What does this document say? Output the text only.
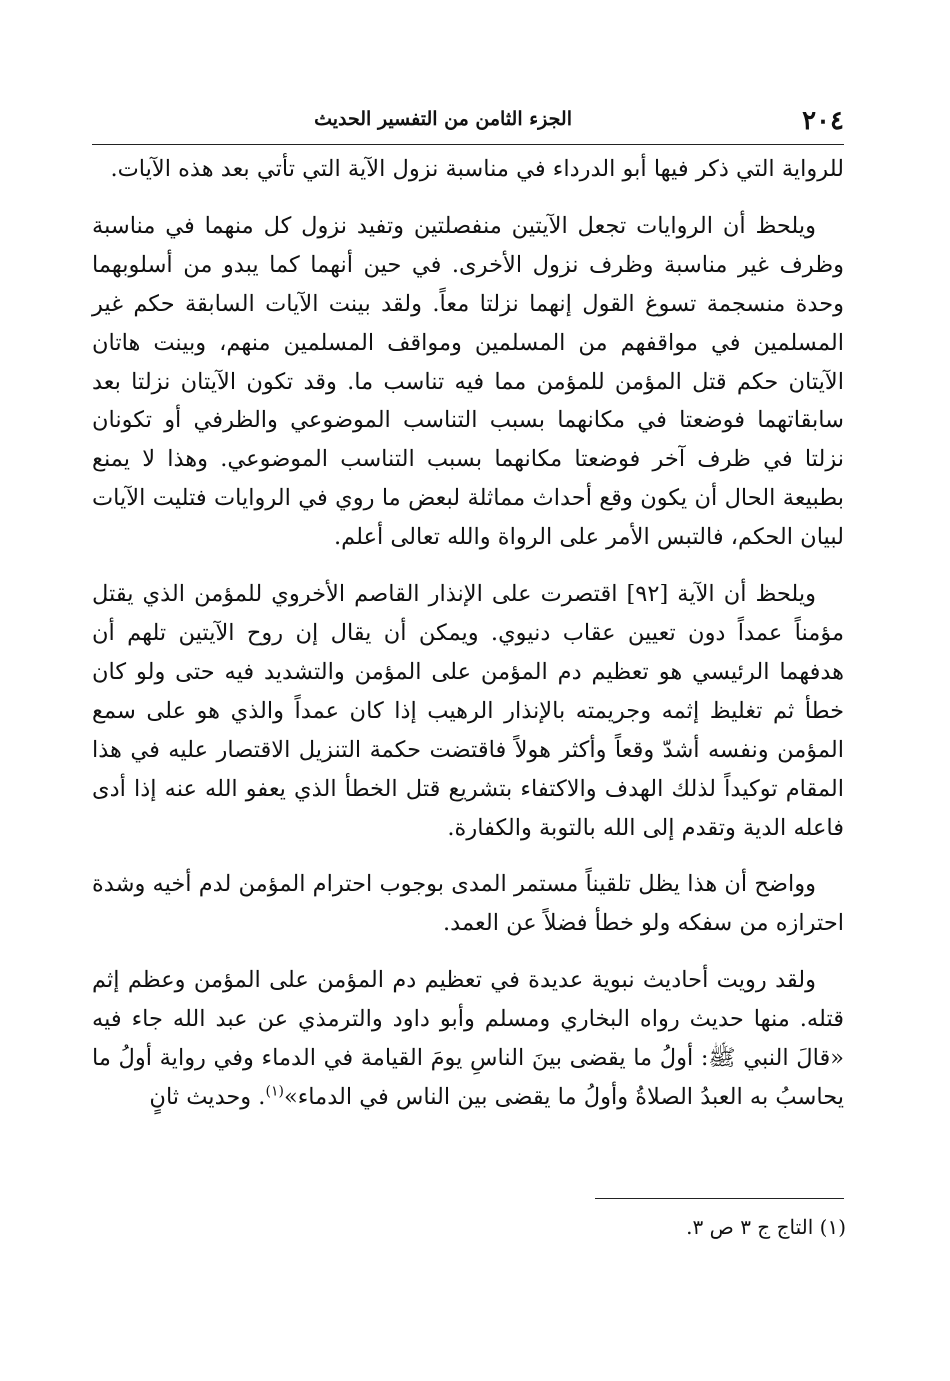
٢٠٤
الجزء الثامن من التفسير الحديث

للرواية التي ذكر فيها أبو الدرداء في مناسبة نزول الآية التي تأتي بعد هذه الآيات.

ويلحظ أن الروايات تجعل الآيتين منفصلتين وتفيد نزول كل منهما في مناسبة وظرف غير مناسبة وظرف نزول الأخرى. في حين أنهما كما يبدو من أسلوبهما وحدة منسجمة تسوغ القول إنهما نزلتا معاً. ولقد بينت الآيات السابقة حكم غير المسلمين في مواقفهم من المسلمين ومواقف المسلمين منهم، وبينت هاتان الآيتان حكم قتل المؤمن للمؤمن مما فيه تناسب ما. وقد تكون الآيتان نزلتا بعد سابقاتهما فوضعتا في مكانهما بسبب التناسب الموضوعي والظرفي أو تكونان نزلتا في ظرف آخر فوضعتا مكانهما بسبب التناسب الموضوعي. وهذا لا يمنع بطبيعة الحال أن يكون وقع أحداث مماثلة لبعض ما روي في الروايات فتليت الآيات لبيان الحكم، فالتبس الأمر على الرواة والله تعالى أعلم.

ويلحظ أن الآية [٩٢] اقتصرت على الإنذار القاصم الأخروي للمؤمن الذي يقتل مؤمناً عمداً دون تعيين عقاب دنيوي. ويمكن أن يقال إن روح الآيتين تلهم أن هدفهما الرئيسي هو تعظيم دم المؤمن على المؤمن والتشديد فيه حتى ولو كان خطأ ثم تغليظ إثمه وجريمته بالإنذار الرهيب إذا كان عمداً والذي هو على سمع المؤمن ونفسه أشدّ وقعاً وأكثر هولاً فاقتضت حكمة التنزيل الاقتصار عليه في هذا المقام توكيداً لذلك الهدف والاكتفاء بتشريع قتل الخطأ الذي يعفو الله عنه إذا أدى فاعله الدية وتقدم إلى الله بالتوبة والكفارة.

وواضح أن هذا يظل تلقيناً مستمر المدى بوجوب احترام المؤمن لدم أخيه وشدة احترازه من سفكه ولو خطأ فضلاً عن العمد.

ولقد رويت أحاديث نبوية عديدة في تعظيم دم المؤمن على المؤمن وعظم إثم قتله. منها حديث رواه البخاري ومسلم وأبو داود والترمذي عن عبد الله جاء فيه «قالَ النبي ﷺ: أولُ ما يقضى بينَ الناسِ يومَ القيامة في الدماء وفي رواية أولُ ما يحاسبُ به العبدُ الصلاةُ وأولُ ما يقضى بين الناس في الدماء»$^{(١)}$. وحديث ثانٍ

(١) التاج ج ٣ ص ٣.
